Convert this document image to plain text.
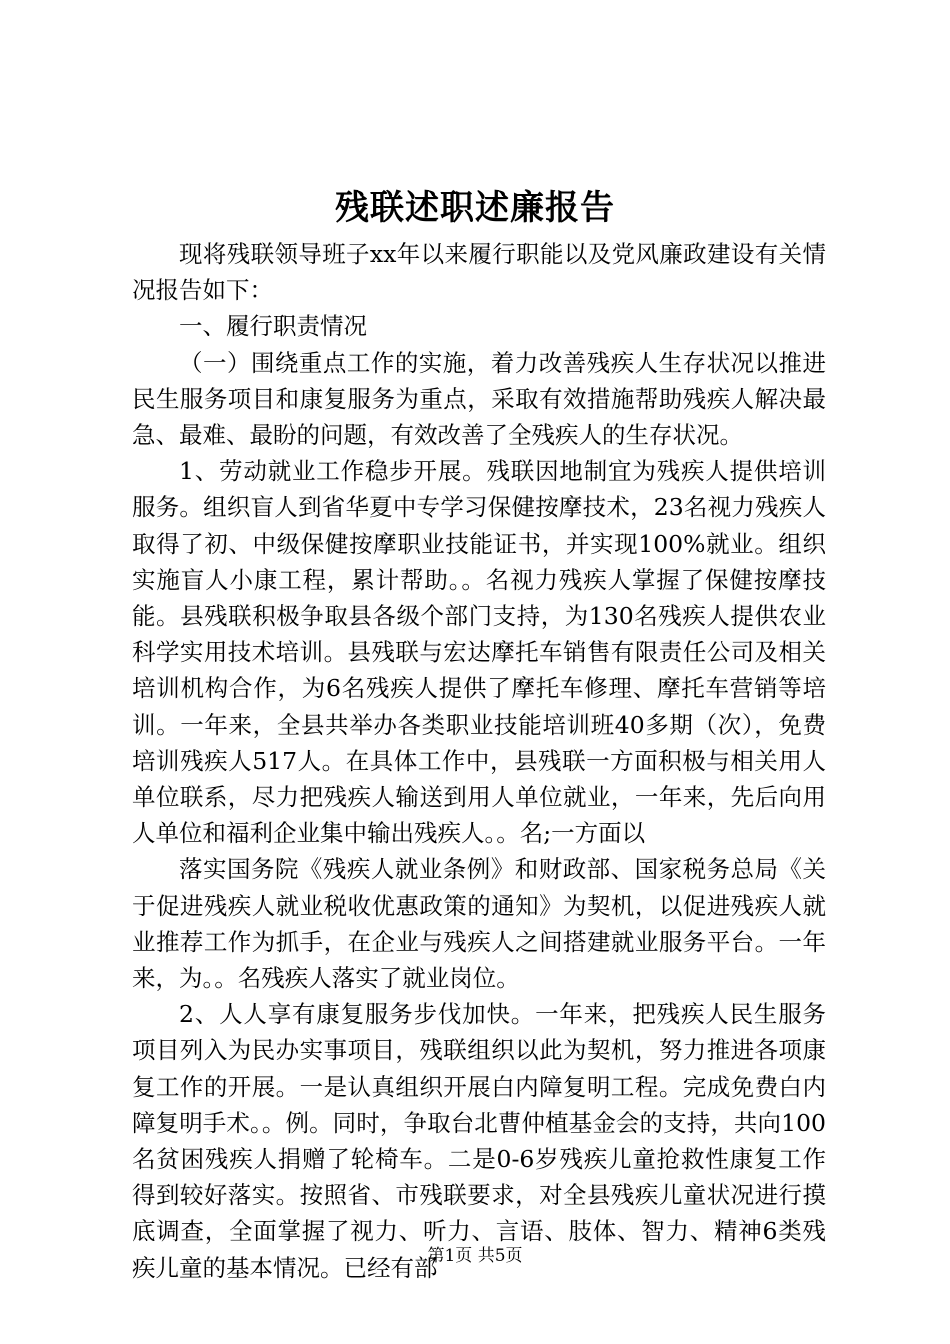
残联述职述廉报告

现将残联领导班子xx年以来履行职能以及党风廉政建设有关情况报告如下：

一、履行职责情况

（一）围绕重点工作的实施，着力改善残疾人生存状况以推进民生服务项目和康复服务为重点，采取有效措施帮助残疾人解决最急、最难、最盼的问题，有效改善了全残疾人的生存状况。

1、劳动就业工作稳步开展。残联因地制宜为残疾人提供培训服务。组织盲人到省华夏中专学习保健按摩技术，23名视力残疾人取得了初、中级保健按摩职业技能证书，并实现100%就业。组织实施盲人小康工程，累计帮助。。名视力残疾人掌握了保健按摩技能。县残联积极争取县各级个部门支持，为130名残疾人提供农业科学实用技术培训。县残联与宏达摩托车销售有限责任公司及相关培训机构合作，为6名残疾人提供了摩托车修理、摩托车营销等培训。一年来，全县共举办各类职业技能培训班40多期（次），免费培训残疾人517人。在具体工作中，县残联一方面积极与相关用人单位联系，尽力把残疾人输送到用人单位就业，一年来，先后向用人单位和福利企业集中输出残疾人。。名;一方面以

落实国务院《残疾人就业条例》和财政部、国家税务总局《关于促进残疾人就业税收优惠政策的通知》为契机，以促进残疾人就业推荐工作为抓手，在企业与残疾人之间搭建就业服务平台。一年来，为。。名残疾人落实了就业岗位。

2、人人享有康复服务步伐加快。一年来，把残疾人民生服务项目列入为民办实事项目，残联组织以此为契机，努力推进各项康复工作的开展。一是认真组织开展白内障复明工程。完成免费白内障复明手术。。例。同时，争取台北曹仲植基金会的支持，共向100名贫困残疾人捐赠了轮椅车。二是0-6岁残疾儿童抢救性康复工作得到较好落实。按照省、市残联要求，对全县残疾儿童状况进行摸底调查，全面掌握了视力、听力、言语、肢体、智力、精神6类残疾儿童的基本情况。已经有部

第1页 共5页
